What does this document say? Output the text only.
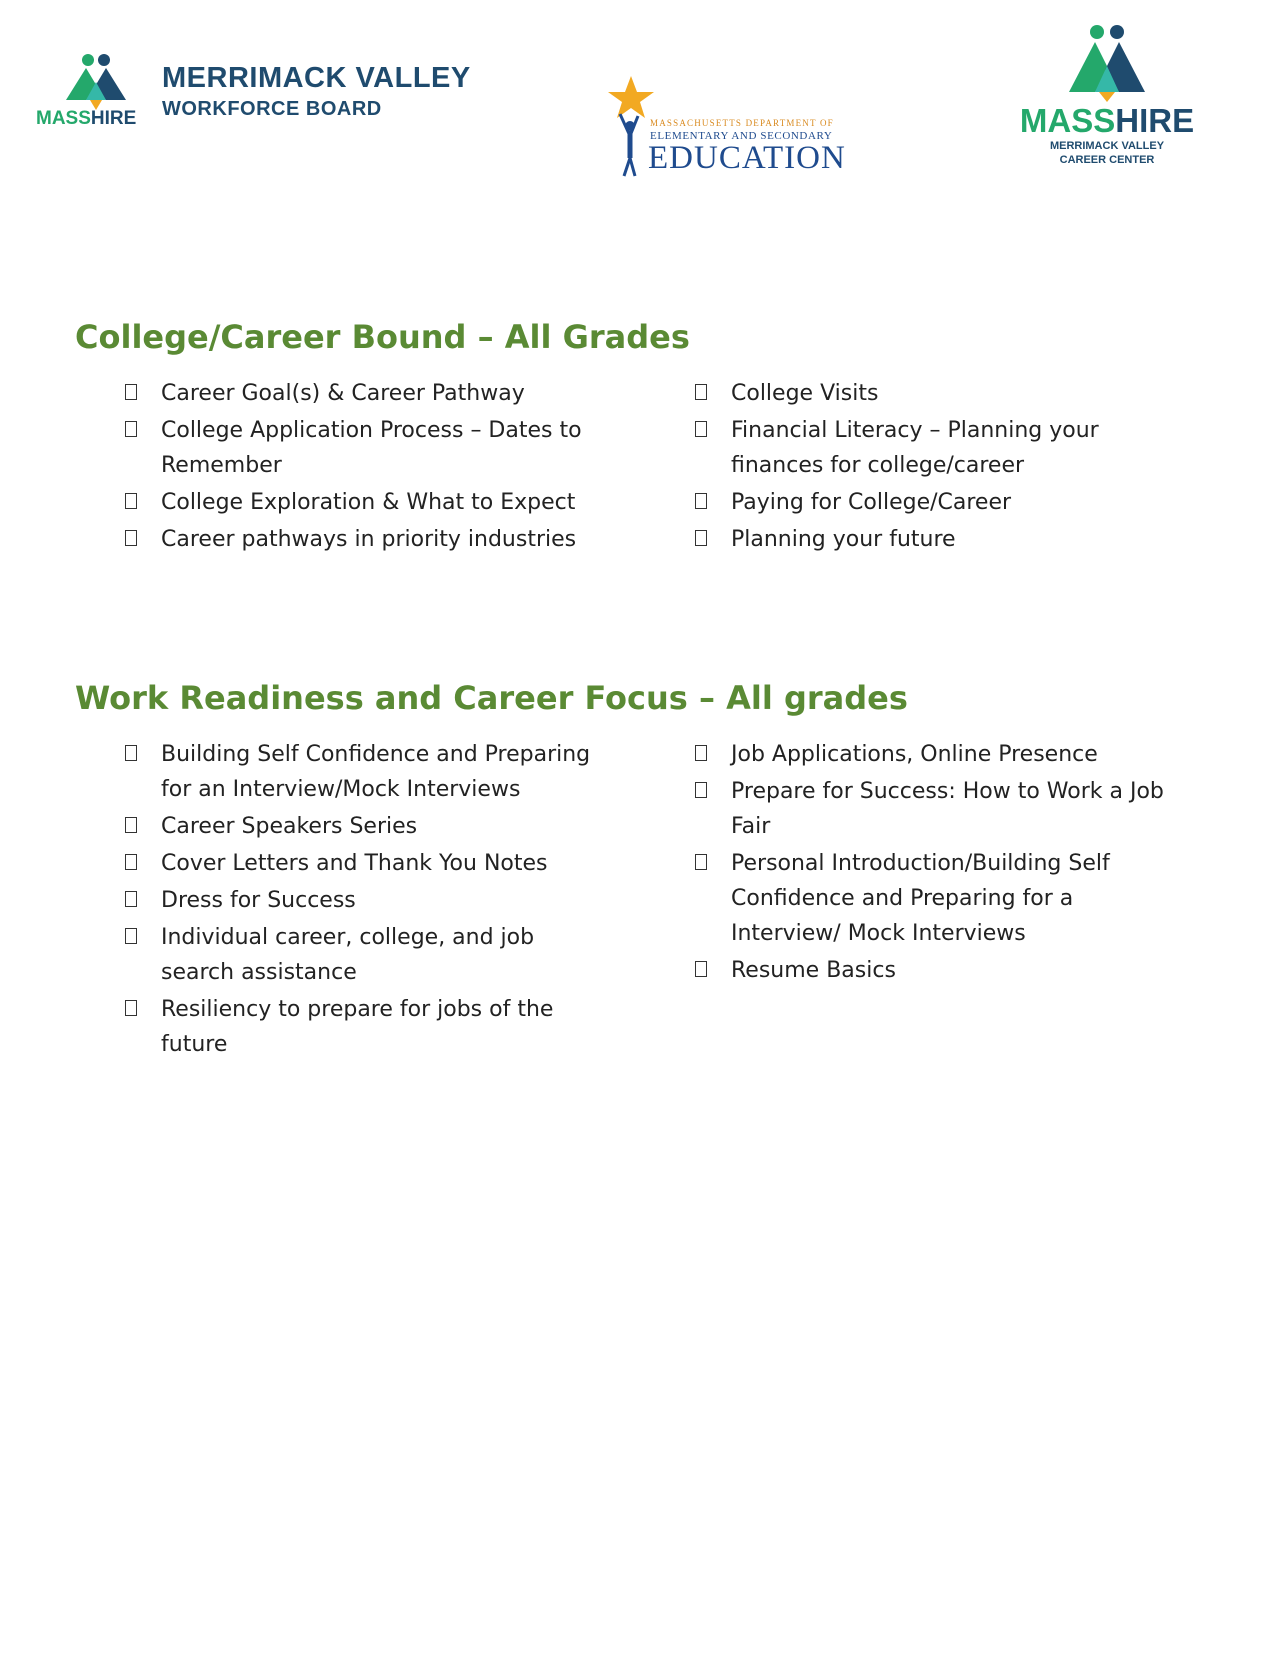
MASSHIRE
MERRIMACK VALLEY
WORKFORCE BOARD
MASSACHUSETTS DEPARTMENT OF
ELEMENTARY AND SECONDARY
EDUCATION
MASSHIRE
MERRIMACK VALLEY
CAREER CENTER
College/Career Bound – All Grades
Career Goal(s) & Career Pathway
College Application Process – Dates to Remember
College Exploration & What to Expect
Career pathways in priority industries
College Visits
Financial Literacy – Planning your finances for college/career
Paying for College/Career
Planning your future
Work Readiness and Career Focus – All grades
Building Self Confidence and Preparing for an Interview/Mock Interviews
Career Speakers Series
Cover Letters and Thank You Notes
Dress for Success
Individual career, college, and job search assistance
Resiliency to prepare for jobs of the future
Job Applications, Online Presence
Prepare for Success: How to Work a Job Fair
Personal Introduction/Building Self Confidence and Preparing for a Interview/ Mock Interviews
Resume Basics
